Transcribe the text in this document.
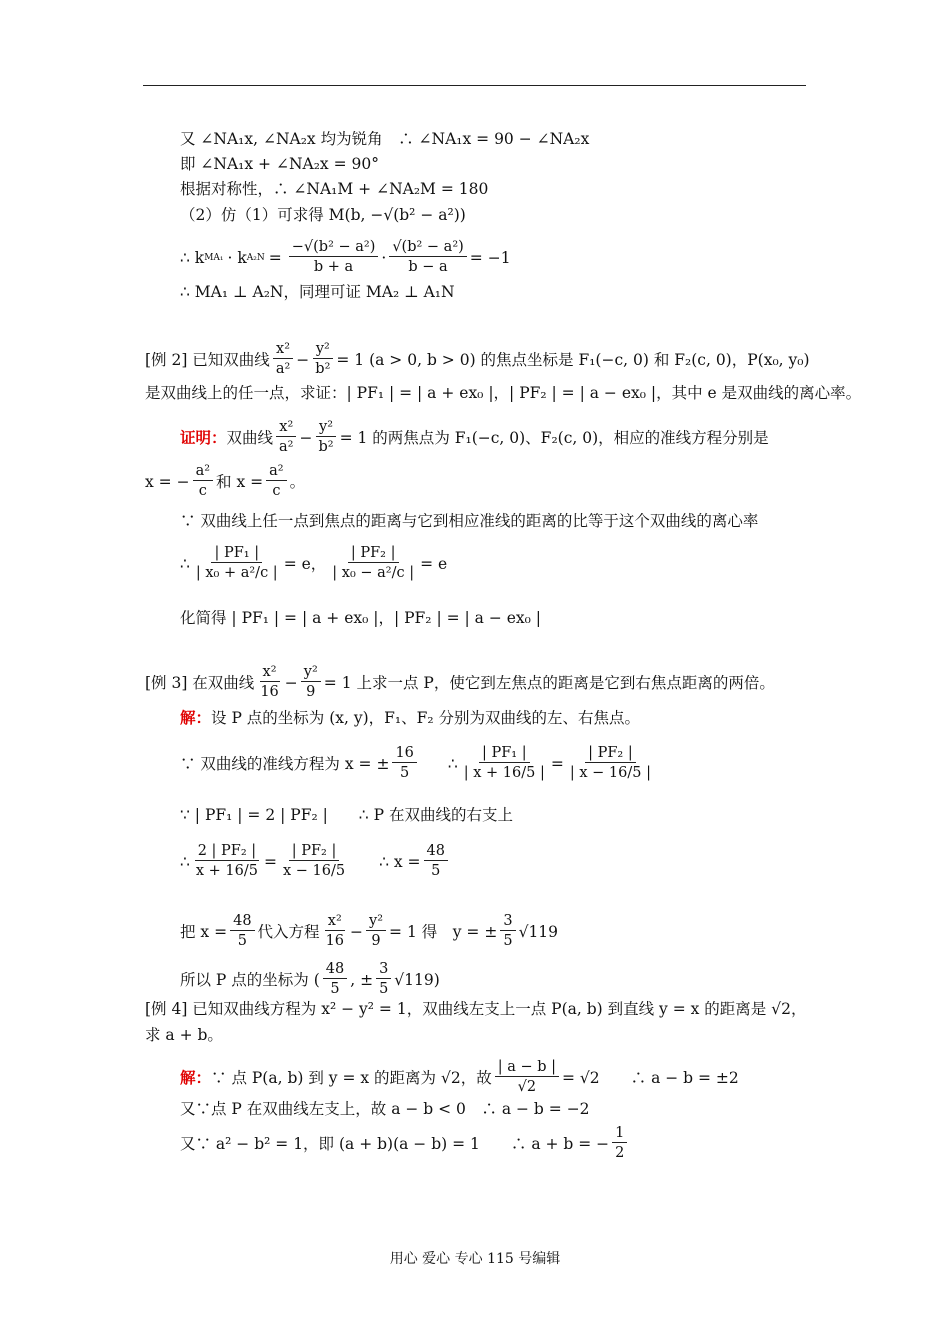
又 ∠NA₁x, ∠NA₂x 均为锐角　∴ ∠NA₁x = 90 − ∠NA₂x
即 ∠NA₁x + ∠NA₂x = 90°
根据对称性，∴ ∠NA₁M + ∠NA₂M = 180
（2）仿（1）可求得 M(b, −√(b² − a²))
∴ k MA₁ · k $A_2N = \frac{\text{−√(b² − a²)}}{b + a} \cdot \frac{\text{√(b² − a²)}}{b - a} = -1$
∴ MA₁ ⊥ A₂N，同理可证 MA₂ ⊥ A₁N
[例 2] 已知双曲线 $\frac{\text{x²}}{\text{a²}} - \frac{\text{y²}}{\text{b²}} = 1$ (a > 0, b > 0) 的焦点坐标是 F₁(−c, 0) 和 F₂(c, 0)，P(x₀, y₀)
是双曲线上的任一点，求证：| PF₁ | = | a + ex₀ |，| PF₂ | = | a − ex₀ |，其中 e 是双曲线的离心率。
证明： 双曲线 $\frac{\text{x²}}{\text{a²}} - \frac{\text{y²}}{\text{b²}} = 1$ 的两焦点为 F₁(−c, 0)、F₂(c, 0)，相应的准线方程分别是
x = − $\frac{\text{a²}}{c}$ 和 $x = \frac{\text{a²}}{c}$ 。
∵ 双曲线上任一点到焦点的距离与它到相应准线的距离的比等于这个双曲线的离心率
∴ $\frac{\text{| PF₁ |}}{\text{| x₀ + a²/c |}} = e$， $\frac{\text{| PF₂ |}}{\text{| x₀ − a²/c |}} = e$
化简得 | PF₁ | = | a + ex₀ |，| PF₂ | = | a − ex₀ |
[例 3] 在双曲线 $\frac{\text{x²}}{16} - \frac{\text{y²}}{9} = 1$ 上求一点 P，使它到左焦点的距离是它到右焦点距离的两倍。
解： 设 P 点的坐标为 (x, y)，F₁、F₂ 分别为双曲线的左、右焦点。
∵ 双曲线的准线方程为 x = ± $\frac{16}{5}$ ∴ $\frac{\text{| PF₁ |}}{| x + 16/5 |} = \frac{\text{| PF₂ |}}{| x - 16/5 |}$
∵ | PF₁ | = 2 | PF₂ |　　∴ P 在双曲线的右支上
∴ $\frac{\text{2 | PF₂ |}}{x + 16/5} = \frac{\text{| PF₂ |}}{x - 16/5}$ ∴ $x = \frac{48}{5}$
把 $x = \frac{48}{5}$ 代入方程 $\frac{\text{x²}}{16} - \frac{\text{y²}}{9} = 1$ 得　y = ± $\frac{3}{5} √119$
所以 P 点的坐标为 ( $\frac{48}{5}$ , ± $\frac{3}{5} √119$)
[例 4] 已知双曲线方程为 x² − y² = 1，双曲线左支上一点 P(a, b) 到直线 y = x 的距离是 √2，
求 a + b。
解： ∵ 点 P(a, b) 到 y = x 的距离为 √2，故 $\frac{| a - b |}{√2} = √2$　　∴ a − b = ±2
又∵点 P 在双曲线左支上，故 a − b < 0　∴ a − b = −2
又∵ a² − b² = 1，即 (a + b)(a − b) = 1　　∴ a + b = − $\frac{1}{2}$
用心 爱心 专心 115 号编辑
